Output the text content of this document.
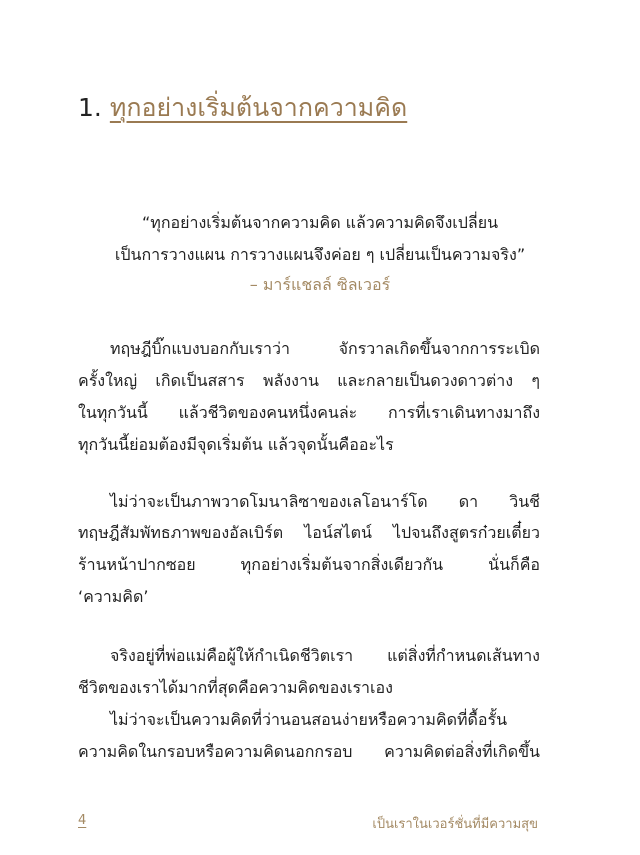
1. ทุกอย่างเริ่มต้นจากความคิด
“ทุกอย่างเริ่มต้นจากความคิด แล้วความคิดจึงเปลี่ยน
เป็นการวางแผน การวางแผนจึงค่อย ๆ เปลี่ยนเป็นความจริง”
– มาร์แชลล์ ซิลเวอร์
ทฤษฎีบิ๊กแบงบอกกับเราว่า จักรวาลเกิดขึ้นจากการระเบิด
ครั้งใหญ่ เกิดเป็นสสาร พลังงาน และกลายเป็นดวงดาวต่าง ๆ
ในทุกวันนี้ แล้วชีวิตของคนหนึ่งคนล่ะ การที่เราเดินทางมาถึง
ทุกวันนี้ย่อมต้องมีจุดเริ่มต้น แล้วจุดนั้นคืออะไร
ไม่ว่าจะเป็นภาพวาดโมนาลิซาของเลโอนาร์โด ดา วินชี
ทฤษฎีสัมพัทธภาพของอัลเบิร์ต ไอน์สไตน์ ไปจนถึงสูตรก๋วยเตี๋ยว
ร้านหน้าปากซอย ทุกอย่างเริ่มต้นจากสิ่งเดียวกัน นั่นก็คือ
‘ความคิด’
จริงอยู่ที่พ่อแม่คือผู้ให้กำเนิดชีวิตเรา แต่สิ่งที่กำหนดเส้นทาง
ชีวิตของเราได้มากที่สุดคือความคิดของเราเอง
ไม่ว่าจะเป็นความคิดที่ว่านอนสอนง่ายหรือความคิดที่ดื้อรั้น
ความคิดในกรอบหรือความคิดนอกกรอบ ความคิดต่อสิ่งที่เกิดขึ้น
4	เป็นเราในเวอร์ชั่นที่มีความสุข
